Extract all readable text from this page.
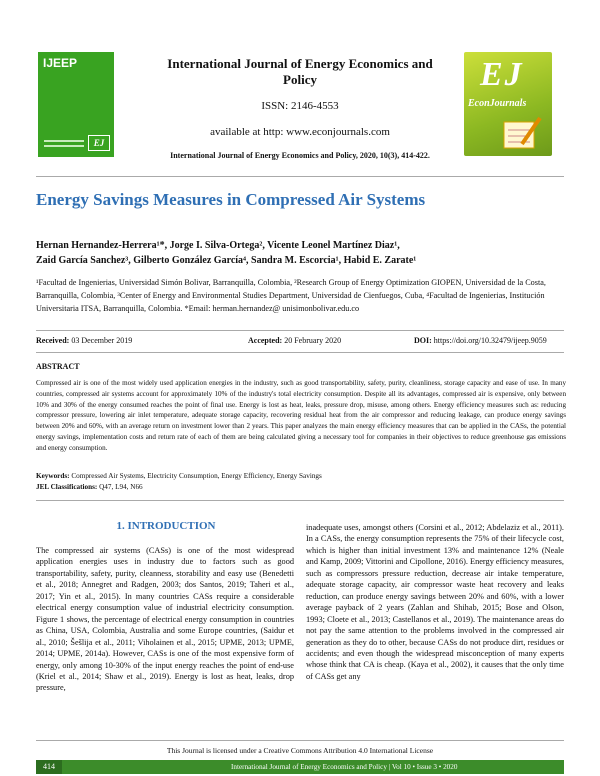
IJEEP
EJ
International Journal of Energy Economics and Policy
ISSN: 2146-4553
available at http: www.econjournals.com
International Journal of Energy Economics and Policy, 2020, 10(3), 414-422.
EJ
EconJournals
Energy Savings Measures in Compressed Air Systems
Hernan Hernandez-Herrera¹*, Jorge I. Silva-Ortega², Vicente Leonel Martínez Diaz¹,
Zaid García Sanchez³, Gilberto González García⁴, Sandra M. Escorcia¹, Habid E. Zarate¹
¹Facultad de Ingenierias, Universidad Simón Bolivar, Barranquilla, Colombia, ²Research Group of Energy Optimization GIOPEN, Universidad de la Costa, Barranquilla, Colombia, ³Center of Energy and Environmental Studies Department, Universidad de Cienfuegos, Cuba, ⁴Facultad de Ingenierias, Institución Universitaria ITSA, Barranquilla, Colombia. *Email: herman.hernandez@ unisimonbolivar.edu.co
Received: 03 December 2019	Accepted: 20 February 2020	DOI: https://doi.org/10.32479/ijeep.9059
ABSTRACT
Compressed air is one of the most widely used application energies in the industry, such as good transportability, safety, purity, cleanliness, storage capacity and ease of use. In many countries, compressed air systems account for approximately 10% of the industry's total electricity consumption. Despite all its advantages, compressed air is expensive, only between 10% and 30% of the energy consumed reaches the point of final use. Energy is lost as heat, leaks, pressure drop, misuse, among others. Energy efficiency measures such as: reducing compressor pressure, lowering air inlet temperature, adequate storage capacity, recovering residual heat from the air compressor and reducing leakage, can produce energy savings between 20% and 60%, with an average return on investment lower than 2 years. This paper analyzes the main energy efficiency measures that can be applied in the CASs, the potential energy savings, implementation costs and return rate of each of them are being calculated giving a necessary tool for companies in their objectives to reduce greenhouse gas emissions and energy consumption.
Keywords: Compressed Air Systems, Electricity Consumption, Energy Efficiency, Energy Savings
JEL Classifications: Q47, L94, N66
1. INTRODUCTION
The compressed air systems (CASs) is one of the most widespread application energies uses in industry due to factors such as good transportability, safety, purity, cleanness, storability and easy use (Benedetti et al., 2018; Annegret and Radgen, 2003; dos Santos, 2019; Taheri et al., 2017; Yin et al., 2015). In many countries CASs require a considerable electrical energy consumption value of industrial electricity consumption. Figure 1 shows, the percentage of electrical energy consumption in countries as China, USA, Colombia, Australia and some Europe countries, (Saidur et al., 2010; Šešlija et al., 2011; Viholainen et al., 2015; UPME, 2013; UPME, 2014; UPME, 2014a). However, CASs is one of the most expensive form of energy, only among 10-30% of the input energy reaches the point of end-use (Kriel et al., 2014; Shaw et al., 2019). Energy is lost as heat, leaks, drop pressure,
inadequate uses, amongst others (Corsini et al., 2012; Abdelaziz et al., 2011). In a CASs, the energy consumption represents the 75% of their lifecycle cost, which is higher than initial investment 13% and maintenance 12% (Neale and Kamp, 2009; Vittorini and Cipollone, 2016). Energy efficiency measures, such as compressors pressure reduction, decrease air intake temperature, adequate storage capacity, air compressor waste heat recovery and leaks reduction, can produce energy savings between 20% and 60%, with a lower average payback of 2 years (Zahlan and Shihab, 2015; Bose and Olson, 1993; Cloete et al., 2013; Castellanos et al., 2019). The maintenance areas do not pay the same attention to the problems involved in the compressed air generation as they do to other, because CASs do not produce dirt, residues or accidents; and even though the widespread misconception of many experts whose think that CA is cheap. (Kaya et al., 2002), it causes that the only time of CASs get any
This Journal is licensed under a Creative Commons Attribution 4.0 International License
414	International Journal of Energy Economics and Policy | Vol 10 • Issue 3 • 2020
